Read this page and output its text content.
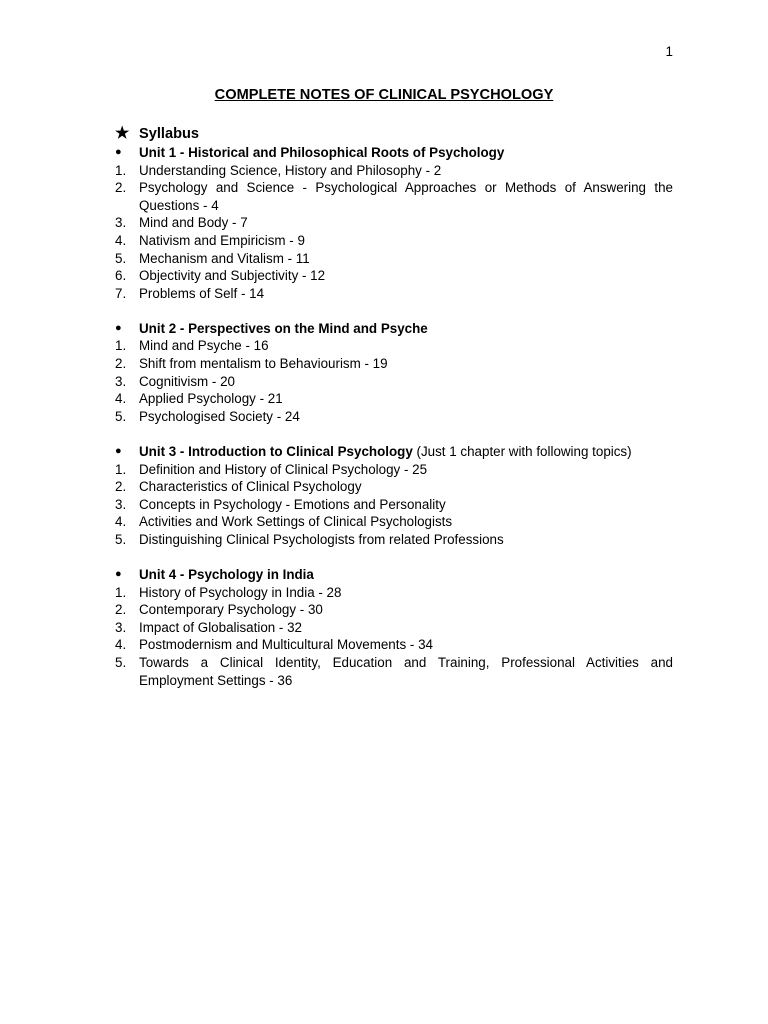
1
COMPLETE NOTES OF CLINICAL PSYCHOLOGY
★ Syllabus
●	Unit 1 - Historical and Philosophical Roots of Psychology
1. Understanding Science, History and Philosophy - 2
2. Psychology and Science - Psychological Approaches or Methods of Answering the Questions - 4
3. Mind and Body - 7
4. Nativism and Empiricism - 9
5. Mechanism and Vitalism - 11
6. Objectivity and Subjectivity - 12
7. Problems of Self - 14
●	Unit 2 - Perspectives on the Mind and Psyche
1. Mind and Psyche - 16
2. Shift from mentalism to Behaviourism - 19
3. Cognitivism - 20
4. Applied Psychology - 21
5. Psychologised Society - 24
●	Unit 3 - Introduction to Clinical Psychology (Just 1 chapter with following topics)
1. Definition and History of Clinical Psychology - 25
2. Characteristics of Clinical Psychology
3. Concepts in Psychology - Emotions and Personality
4. Activities and Work Settings of Clinical Psychologists
5. Distinguishing Clinical Psychologists from related Professions
●	Unit 4 - Psychology in India
1. History of Psychology in India - 28
2. Contemporary Psychology - 30
3. Impact of Globalisation - 32
4. Postmodernism and Multicultural Movements - 34
5. Towards a Clinical Identity, Education and Training, Professional Activities and Employment Settings - 36
